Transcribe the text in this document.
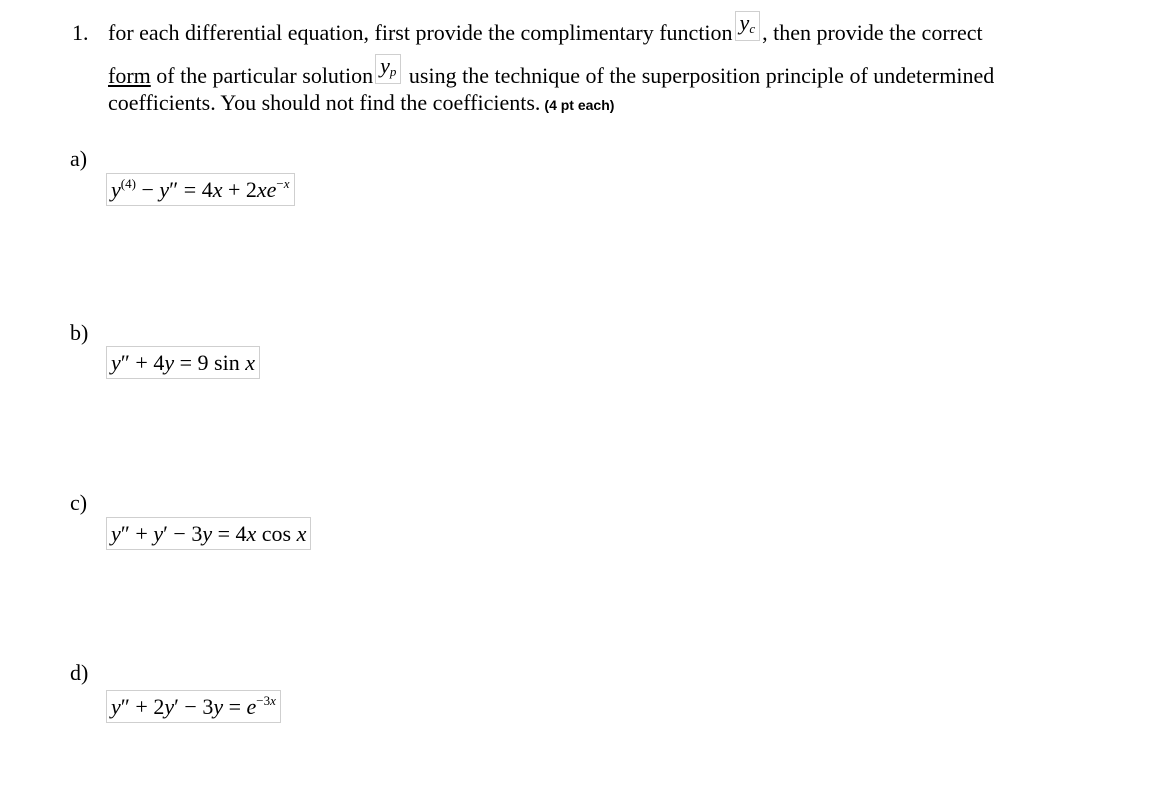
1. for each differential equation, first provide the complimentary function $y_c$ , then provide the correct
form of the particular solution $y_p$ using the technique of the superposition principle of undetermined
coefficients. You should not find the coefficients. (4 pt each)
a)
$y^{(4)} - y'' = 4x + 2xe^{-x}$
b)
y″ + 4y = 9 sin x
c)
y″ + y′ − 3y = 4x cos x
d)
$y'' + 2y' - 3y = e^{-3x}$
